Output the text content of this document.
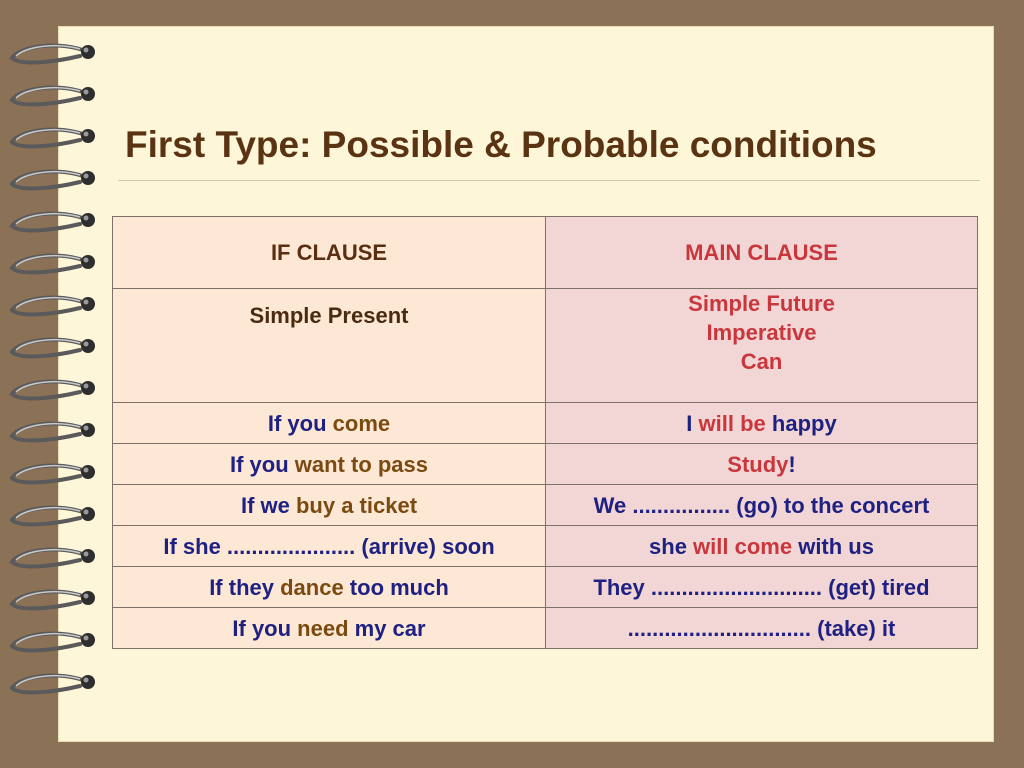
First Type: Possible & Probable conditions
IF CLAUSE	MAIN CLAUSE
Simple Present	Simple Future
Imperative
Can

If you come	I will be happy
If you want to pass	Study!
If we buy a ticket	We ................ (go) to the concert
If she ..................... (arrive) soon	she will come with us
If they dance too much	They ............................ (get) tired
If you need my car	.............................. (take) it
